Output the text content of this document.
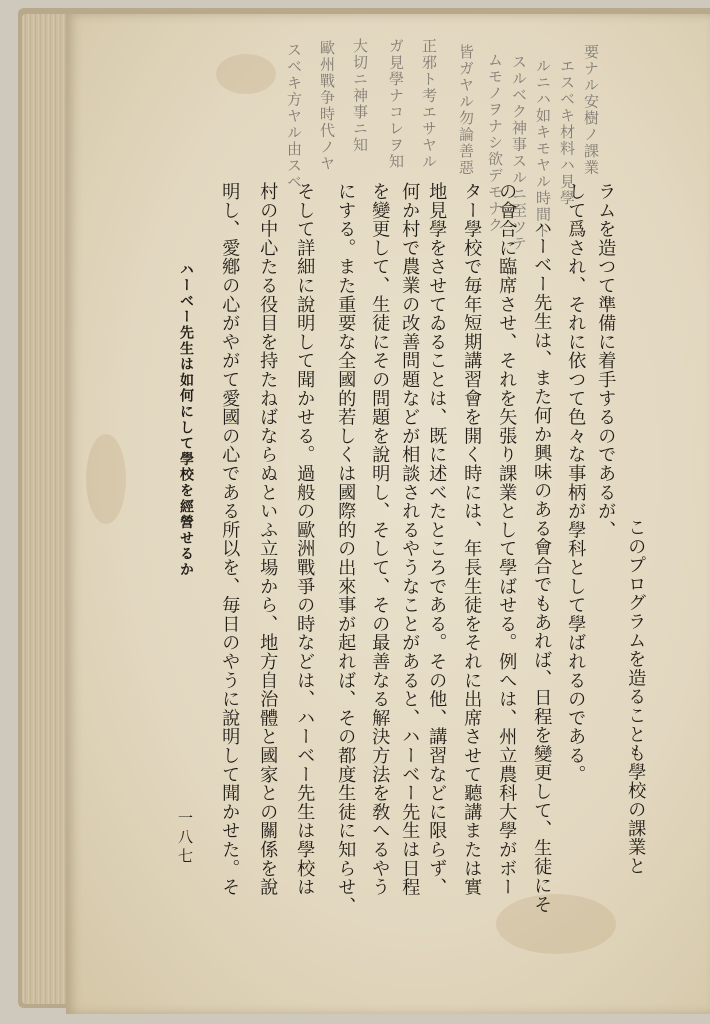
要ナル安樹ノ課業
エスベキ材料ハ見學
ルニハ如キモヤル時間ト
スルベク神事スルニ至ツテ
ムモノヲナシ欲デモナク
皆ガヤル勿論善惡
正邪ト考エサヤル
ガ見學ナコレヲ知
大切ニ神事ニ知
歐州戰争時代ノヤ
スベキ方ヤル由スベ
このプログラムを造ることも學校の課業と
ラムを造つて準備に着手するのであるが、
して爲され、それに依つて色々な事柄が學科として學ばれるのである。
ハーベー先生は、また何か興味のある會合でもあれば、日程を變更して、生徒にそ
の會合に臨席させ、それを矢張り課業として學ばせる。例へは、州立農科大學がボー
ター學校で毎年短期講習會を開く時には、年長生徒をそれに出席させて聽講または實
地見學をさせてゐることは、既に述べたところである。その他、講習などに限らず、
何か村で農業の改善問題などが相談されるやうなことがあると、ハーベー先生は日程
を變更して、生徒にその問題を說明し、そして、その最善なる解決方法を敎へるやう
にする。また重要な全國的若しくは國際的の出來事が起れば、その都度生徒に知らせ、
そして詳細に說明して聞かせる。過般の歐洲戰爭の時などは、ハーベー先生は學校は
村の中心たる役目を持たねばならぬといふ立場から、地方自治體と國家との關係を說
明し、愛鄕の心がやがて愛國の心である所以を、毎日のやうに說明して聞かせた。そ
ハーベー先生は如何にして學校を經營せるか
一八七
